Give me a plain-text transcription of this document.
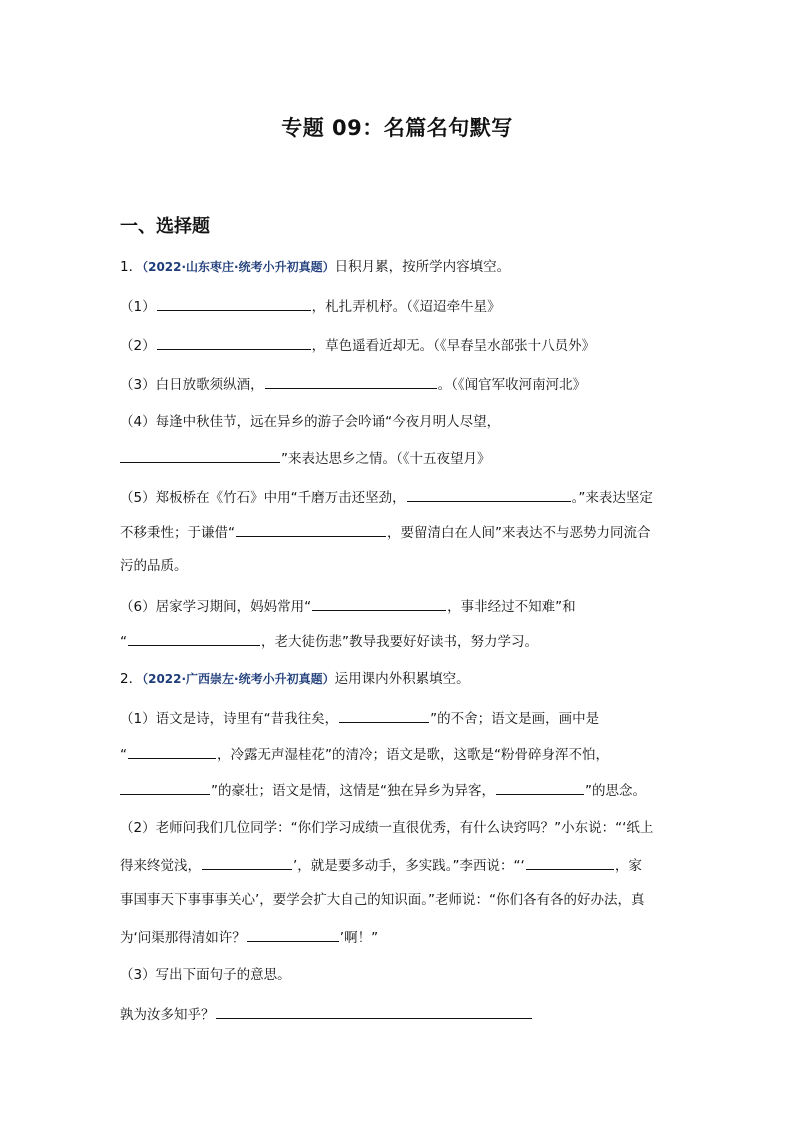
专题 09：名篇名句默写
一、选择题
1．（2022·山东枣庄·统考小升初真题）日积月累，按所学内容填空。
（1）	，札扎弄机杼。（《迢迢牵牛星》
（2）	，草色遥看近却无。（《早春呈水部张十八员外》
（3）白日放歌须纵酒，	。（《闻官军收河南河北》
（4）每逢中秋佳节，远在异乡的游子会吟诵“今夜月明人尽望，
”来表达思乡之情。（《十五夜望月》
（5）郑板桥在《竹石》中用“千磨万击还坚劲，	。”来表达坚定
不移秉性；于谦借“	，要留清白在人间”来表达不与恶势力同流合
污的品质。
（6）居家学习期间，妈妈常用“	，事非经过不知难”和
“	，老大徒伤悲”教导我要好好读书，努力学习。
2．（2022·广西崇左·统考小升初真题）运用课内外积累填空。
（1）语文是诗，诗里有“昔我往矣，	”的不舍；语文是画，画中是
“	，冷露无声湿桂花”的清冷；语文是歌，这歌是“粉骨碎身浑不怕，
”的豪壮；语文是情，这情是“独在异乡为异客，	”的思念。
（2）老师问我们几位同学：“你们学习成绩一直很优秀，有什么诀窍吗？”小东说：“‘纸上
得来终觉浅，	’，就是要多动手，多实践。”李西说：“‘	，家
事国事天下事事事关心’，要学会扩大自己的知识面。”老师说：“你们各有各的好办法，真
为‘问渠那得清如许？	’啊！”
（3）写出下面句子的意思。
孰为汝多知乎？
